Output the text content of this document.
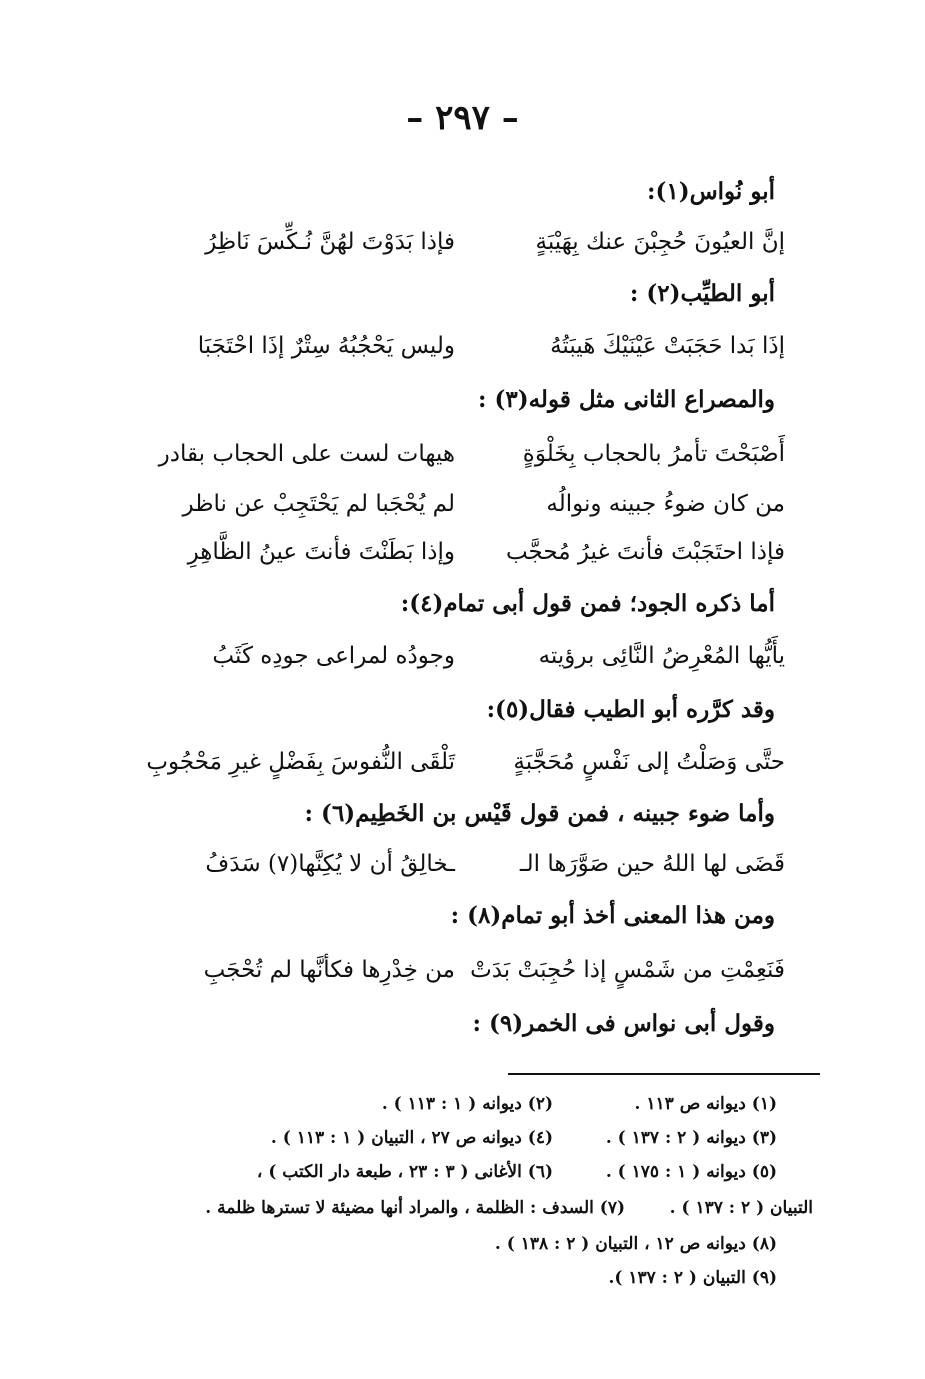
– ٢٩٧ –
أبو نُواس(١):
إنَّ العيُونَ حُجِبْنَ عنك بِهَيْبَةٍ
فإذا بَدَوْتَ لهُنَّ نُـكِّسَ نَاظِرُ
أبو الطيِّب(٢) :
إذَا بَدا حَجَبَتْ عَيْنَيْكَ هَيبَتُهُ
وليس يَحْجُبُهُ سِتْرٌ إذَا احْتَجَبَا
والمصراع الثانى مثل قوله(٣) :
أَصْبَحْتَ تأمرُ بالحجاب بِخَلْوَةٍ
هيهات لست على الحجاب بقادر
من كان ضوءُ جبينه ونوالُه
لم يُحْجَبا لم يَحْتَجِبْ عن ناظر
فإذا احتَجَبْتَ فأنتَ غيرُ مُحجَّب
وإذا بَطَنْتَ فأنتَ عينُ الظَّاهِرِ
أما ذكره الجود؛ فمن قول أبى تمام(٤):
يأَيُّها المُعْرِضُ النَّائِى برؤيته
وجودُه لمراعى جودِه كَثَبُ
وقد كرَّره أبو الطيب فقال(٥):
حتَّى وَصَلْتُ إلى نَفْسٍ مُحَجَّبَةٍ
تَلْقَى النُّفوسَ بِفَضْلٍ غيرِ مَحْجُوبِ
وأما ضوء جبينه ، فمن قول قَيْس بن الخَطِيم(٦) :
قَضَى لها اللهُ حين صَوَّرَها الـ
ـخالِقُ أن لا يُكِنَّها(٧) سَدَفُ
ومن هذا المعنى أخذ أبو تمام(٨) :
فَنَعِمْتِ من شَمْسٍ إذا حُجِبَتْ بَدَتْ
من خِدْرِها فكأنَّها لم تُحْجَبِ
وقول أبى نواس فى الخمر(٩) :
(١) ديوانه ص ١١٣ .
(٢) ديوانه ( ١ : ١١٣ ) .
(٣) ديوانه ( ٢ : ١٣٧ ) .
(٤) ديوانه ص ٢٧ ، التبيان ( ١ : ١١٣ ) .
(٥) ديوانه ( ١ : ١٧٥ ) .
(٦) الأغانى ( ٣ : ٢٣ ، طبعة دار الكتب ) ،
التبيان ( ٢ : ١٣٧ ) .
(٧) السدف : الظلمة ، والمراد أنها مضيئة لا تسترها ظلمة .
(٨) ديوانه ص ١٢ ، التبيان ( ٢ : ١٣٨ ) .
(٩) التبيان ( ٢ : ١٣٧ ).
